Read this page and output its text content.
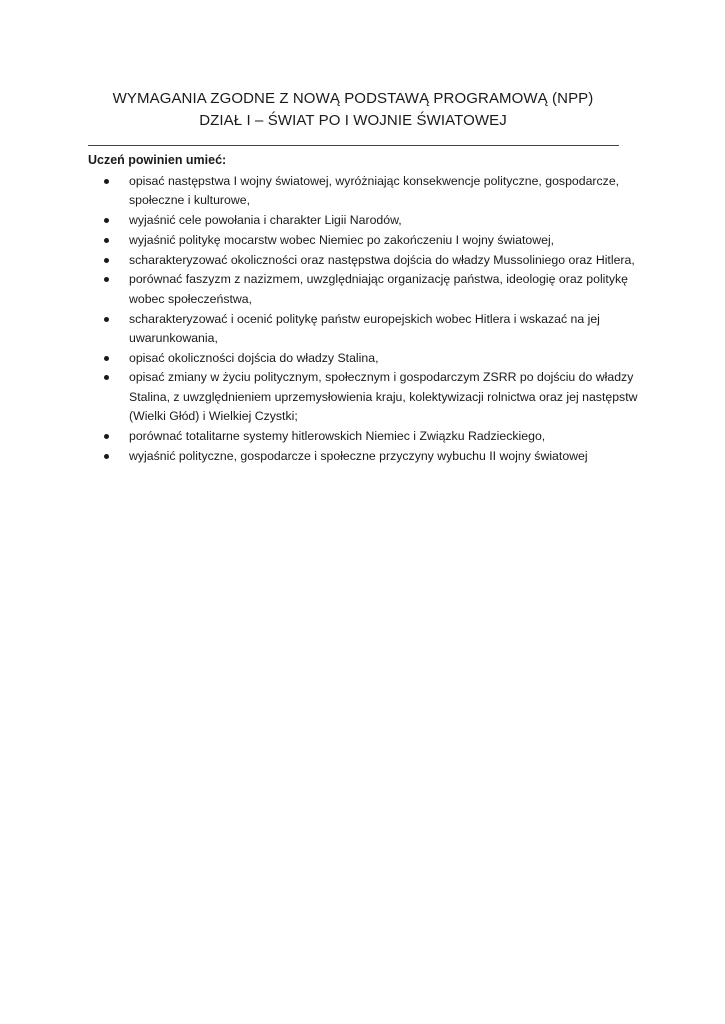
WYMAGANIA ZGODNE Z NOWĄ PODSTAWĄ PROGRAMOWĄ (NPP)
DZIAŁ I – ŚWIAT PO I WOJNIE ŚWIATOWEJ
Uczeń powinien umieć:
opisać następstwa I wojny światowej, wyróżniając konsekwencje polityczne, gospodarcze, społeczne i kulturowe,
wyjaśnić cele powołania i charakter Ligii Narodów,
wyjaśnić politykę mocarstw wobec Niemiec po zakończeniu I wojny światowej,
scharakteryzować okoliczności oraz następstwa dojścia do władzy Mussoliniego oraz Hitlera,
porównać faszyzm z nazizmem, uwzględniając organizację państwa, ideologię oraz politykę wobec społeczeństwa,
scharakteryzować i ocenić politykę państw europejskich wobec Hitlera i wskazać na jej uwarunkowania,
opisać okoliczności dojścia do władzy Stalina,
opisać zmiany w życiu politycznym, społecznym i gospodarczym ZSRR po dojściu do władzy Stalina, z uwzględnieniem uprzemysłowienia kraju, kolektywizacji rolnictwa oraz jej następstw (Wielki Głód) i Wielkiej Czystki;
porównać totalitarne systemy hitlerowskich Niemiec i Związku Radzieckiego,
wyjaśnić polityczne, gospodarcze i społeczne przyczyny wybuchu II wojny światowej
